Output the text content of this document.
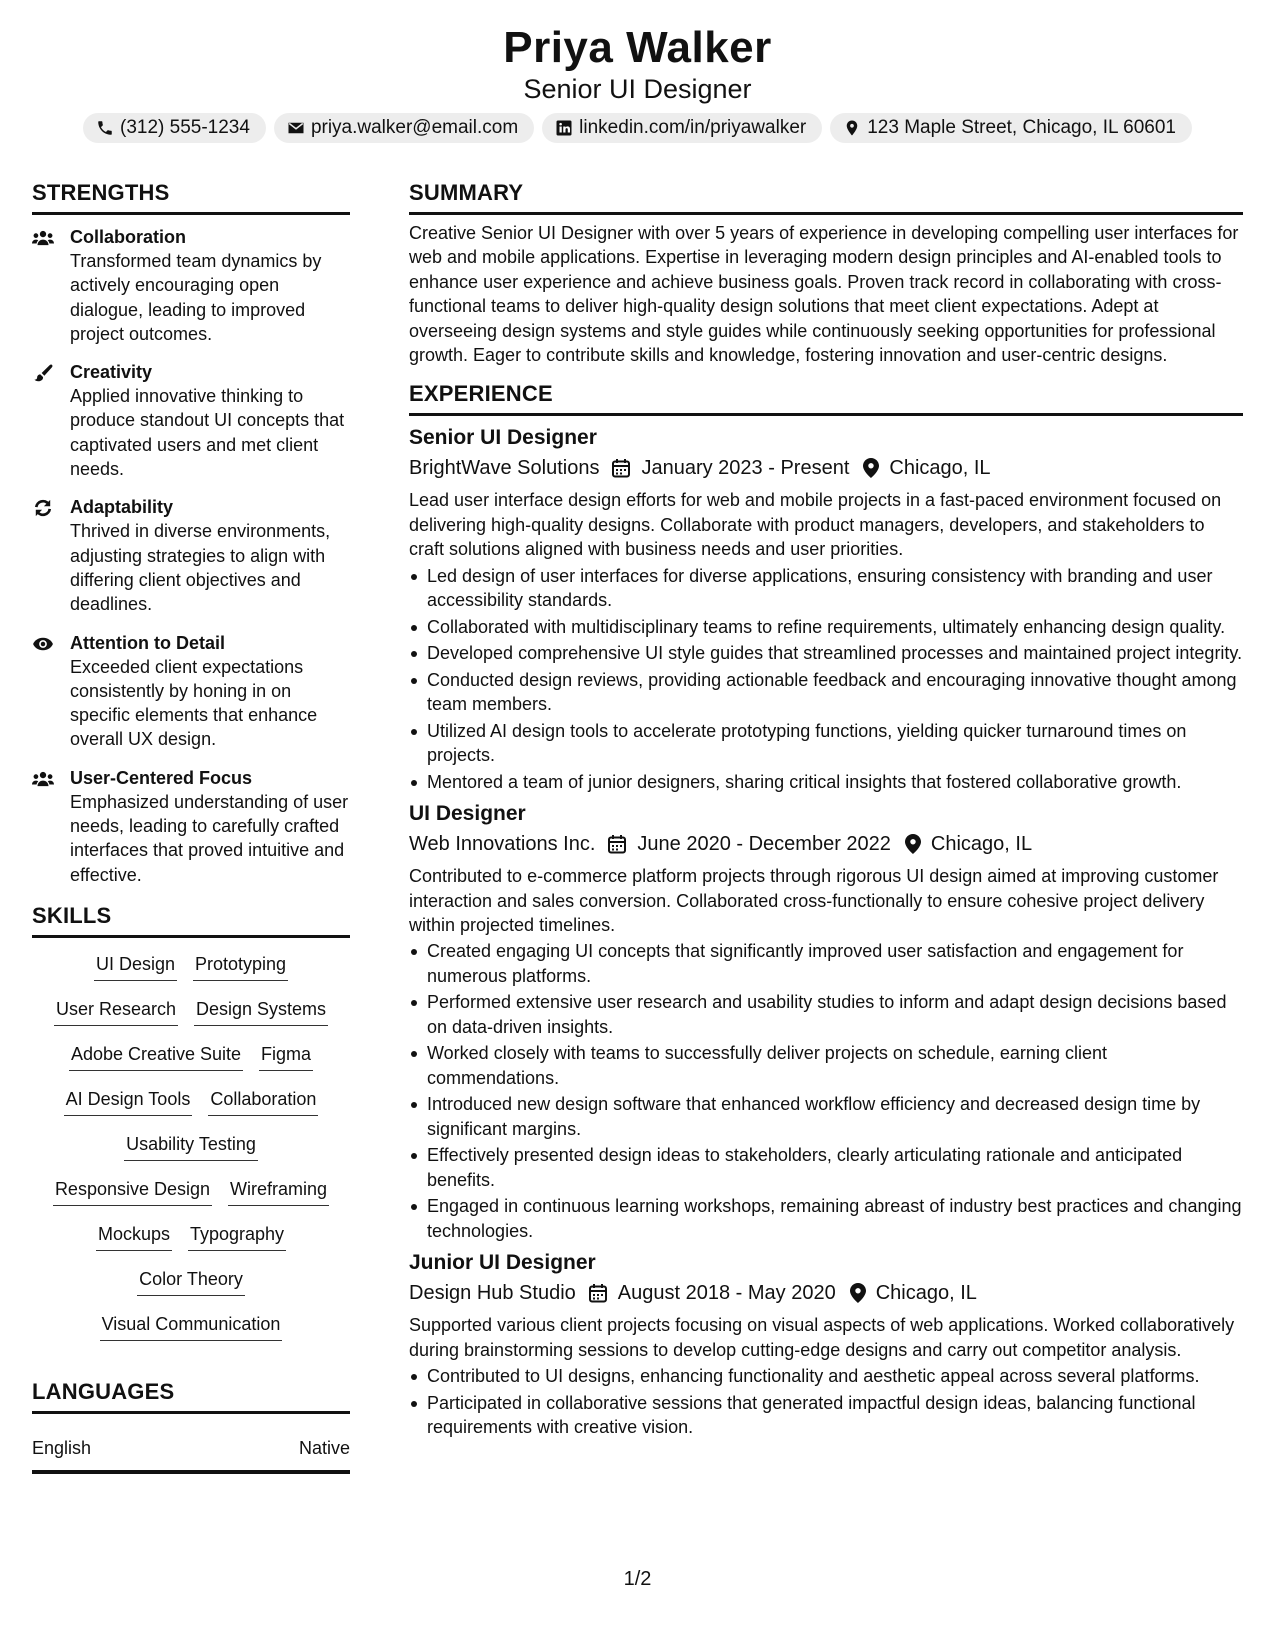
Priya Walker
Senior UI Designer
(312) 555-1234	priya.walker@email.com	linkedin.com/in/priyawalker	123 Maple Street, Chicago, IL 60601
STRENGTHS
Collaboration
Transformed team dynamics by actively encouraging open dialogue, leading to improved project outcomes.
Creativity
Applied innovative thinking to produce standout UI concepts that captivated users and met client needs.
Adaptability
Thrived in diverse environments, adjusting strategies to align with differing client objectives and deadlines.
Attention to Detail
Exceeded client expectations consistently by honing in on specific elements that enhance overall UX design.
User-Centered Focus
Emphasized understanding of user needs, leading to carefully crafted interfaces that proved intuitive and effective.
SKILLS
UI Design Prototyping
User Research Design Systems
Adobe Creative Suite Figma
AI Design Tools Collaboration
Usability Testing
Responsive Design Wireframing
Mockups Typography
Color Theory
Visual Communication
LANGUAGES
English	Native
SUMMARY
Creative Senior UI Designer with over 5 years of experience in developing compelling user interfaces for web and mobile applications. Expertise in leveraging modern design principles and AI-enabled tools to enhance user experience and achieve business goals. Proven track record in collaborating with cross-functional teams to deliver high-quality design solutions that meet client expectations. Adept at overseeing design systems and style guides while continuously seeking opportunities for professional growth. Eager to contribute skills and knowledge, fostering innovation and user-centric designs.
EXPERIENCE
Senior UI Designer
BrightWave Solutions January 2023 - Present Chicago, IL
Lead user interface design efforts for web and mobile projects in a fast-paced environment focused on delivering high-quality designs. Collaborate with product managers, developers, and stakeholders to craft solutions aligned with business needs and user priorities.
Led design of user interfaces for diverse applications, ensuring consistency with branding and user accessibility standards.
Collaborated with multidisciplinary teams to refine requirements, ultimately enhancing design quality.
Developed comprehensive UI style guides that streamlined processes and maintained project integrity.
Conducted design reviews, providing actionable feedback and encouraging innovative thought among team members.
Utilized AI design tools to accelerate prototyping functions, yielding quicker turnaround times on projects.
Mentored a team of junior designers, sharing critical insights that fostered collaborative growth.
UI Designer
Web Innovations Inc. June 2020 - December 2022 Chicago, IL
Contributed to e-commerce platform projects through rigorous UI design aimed at improving customer interaction and sales conversion. Collaborated cross-functionally to ensure cohesive project delivery within projected timelines.
Created engaging UI concepts that significantly improved user satisfaction and engagement for numerous platforms.
Performed extensive user research and usability studies to inform and adapt design decisions based on data-driven insights.
Worked closely with teams to successfully deliver projects on schedule, earning client commendations.
Introduced new design software that enhanced workflow efficiency and decreased design time by significant margins.
Effectively presented design ideas to stakeholders, clearly articulating rationale and anticipated benefits.
Engaged in continuous learning workshops, remaining abreast of industry best practices and changing technologies.
Junior UI Designer
Design Hub Studio August 2018 - May 2020 Chicago, IL
Supported various client projects focusing on visual aspects of web applications. Worked collaboratively during brainstorming sessions to develop cutting-edge designs and carry out competitor analysis.
Contributed to UI designs, enhancing functionality and aesthetic appeal across several platforms.
Participated in collaborative sessions that generated impactful design ideas, balancing functional requirements with creative vision.
1/2
